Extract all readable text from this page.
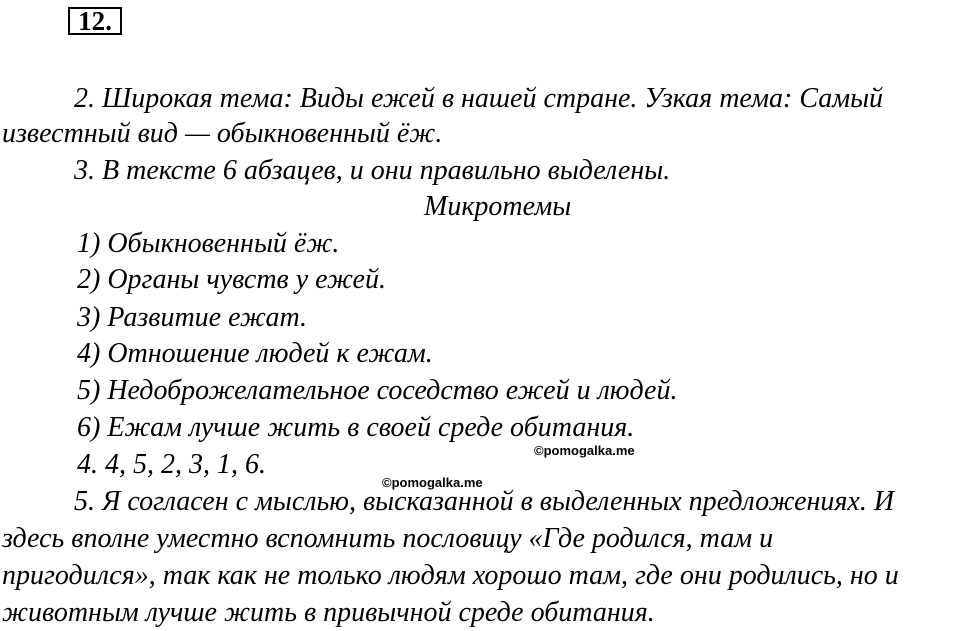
12.
2. Широкая тема: Виды ежей в нашей стране. Узкая тема: Самый
известный вид — обыкновенный ёж.
3. В тексте 6 абзацев, и они правильно выделены.
Микротемы
1) Обыкновенный ёж.
2) Органы чувств у ежей.
3) Развитие ежат.
4) Отношение людей к ежам.
5) Недоброжелательное соседство ежей и людей.
6) Ежам лучше жить в своей среде обитания.
4. 4, 5, 2, 3, 1, 6.
5. Я согласен с мыслью, высказанной в выделенных предложениях. И
здесь вполне уместно вспомнить пословицу «Где родился, там и
пригодился», так как не только людям хорошо там, где они родились, но и
животным лучше жить в привычной среде обитания.
©pomogalka.me
©pomogalka.me
